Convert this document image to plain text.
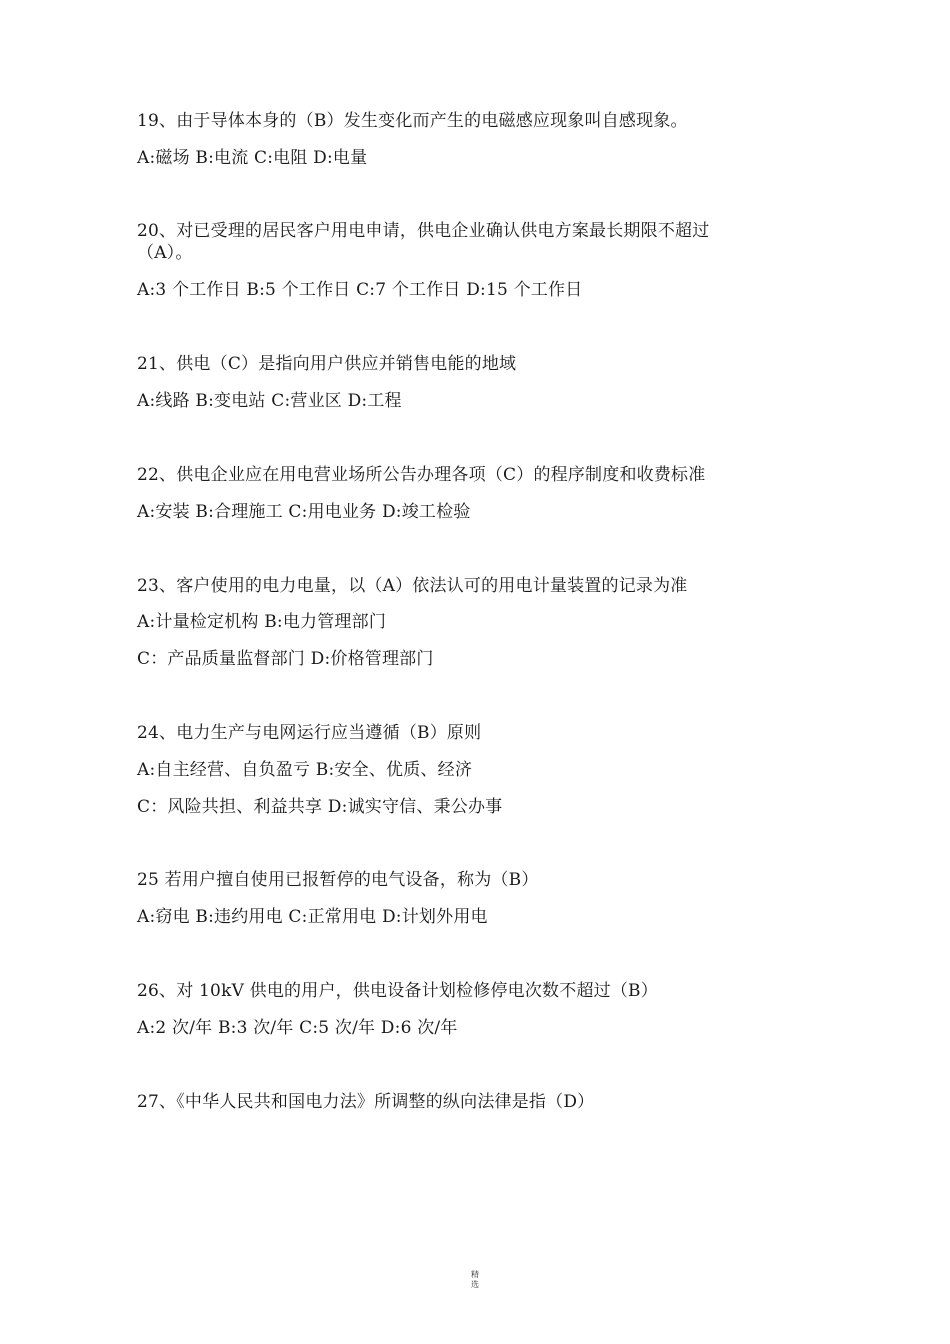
19、由于导体本身的（B）发生变化而产生的电磁感应现象叫自感现象。
A:磁场 B:电流 C:电阻 D:电量
20、对已受理的居民客户用电申请，供电企业确认供电方案最长期限不超过
（A）。
A:3 个工作日 B:5 个工作日 C:7 个工作日 D:15 个工作日
21、供电（C）是指向用户供应并销售电能的地域
A:线路 B:变电站 C:营业区 D:工程
22、供电企业应在用电营业场所公告办理各项（C）的程序制度和收费标准
A:安装 B:合理施工 C:用电业务 D:竣工检验
23、客户使用的电力电量，以（A）依法认可的用电计量装置的记录为准
A:计量检定机构 B:电力管理部门
C：产品质量监督部门 D:价格管理部门
24、电力生产与电网运行应当遵循（B）原则
A:自主经营、自负盈亏 B:安全、优质、经济
C：风险共担、利益共享 D:诚实守信、秉公办事
25 若用户擅自使用已报暂停的电气设备，称为（B）
A:窃电 B:违约用电 C:正常用电 D:计划外用电
26、对 10kV 供电的用户，供电设备计划检修停电次数不超过（B）
A:2 次/年 B:3 次/年 C:5 次/年 D:6 次/年
27、《中华人民共和国电力法》所调整的纵向法律是指（D）
精
选
